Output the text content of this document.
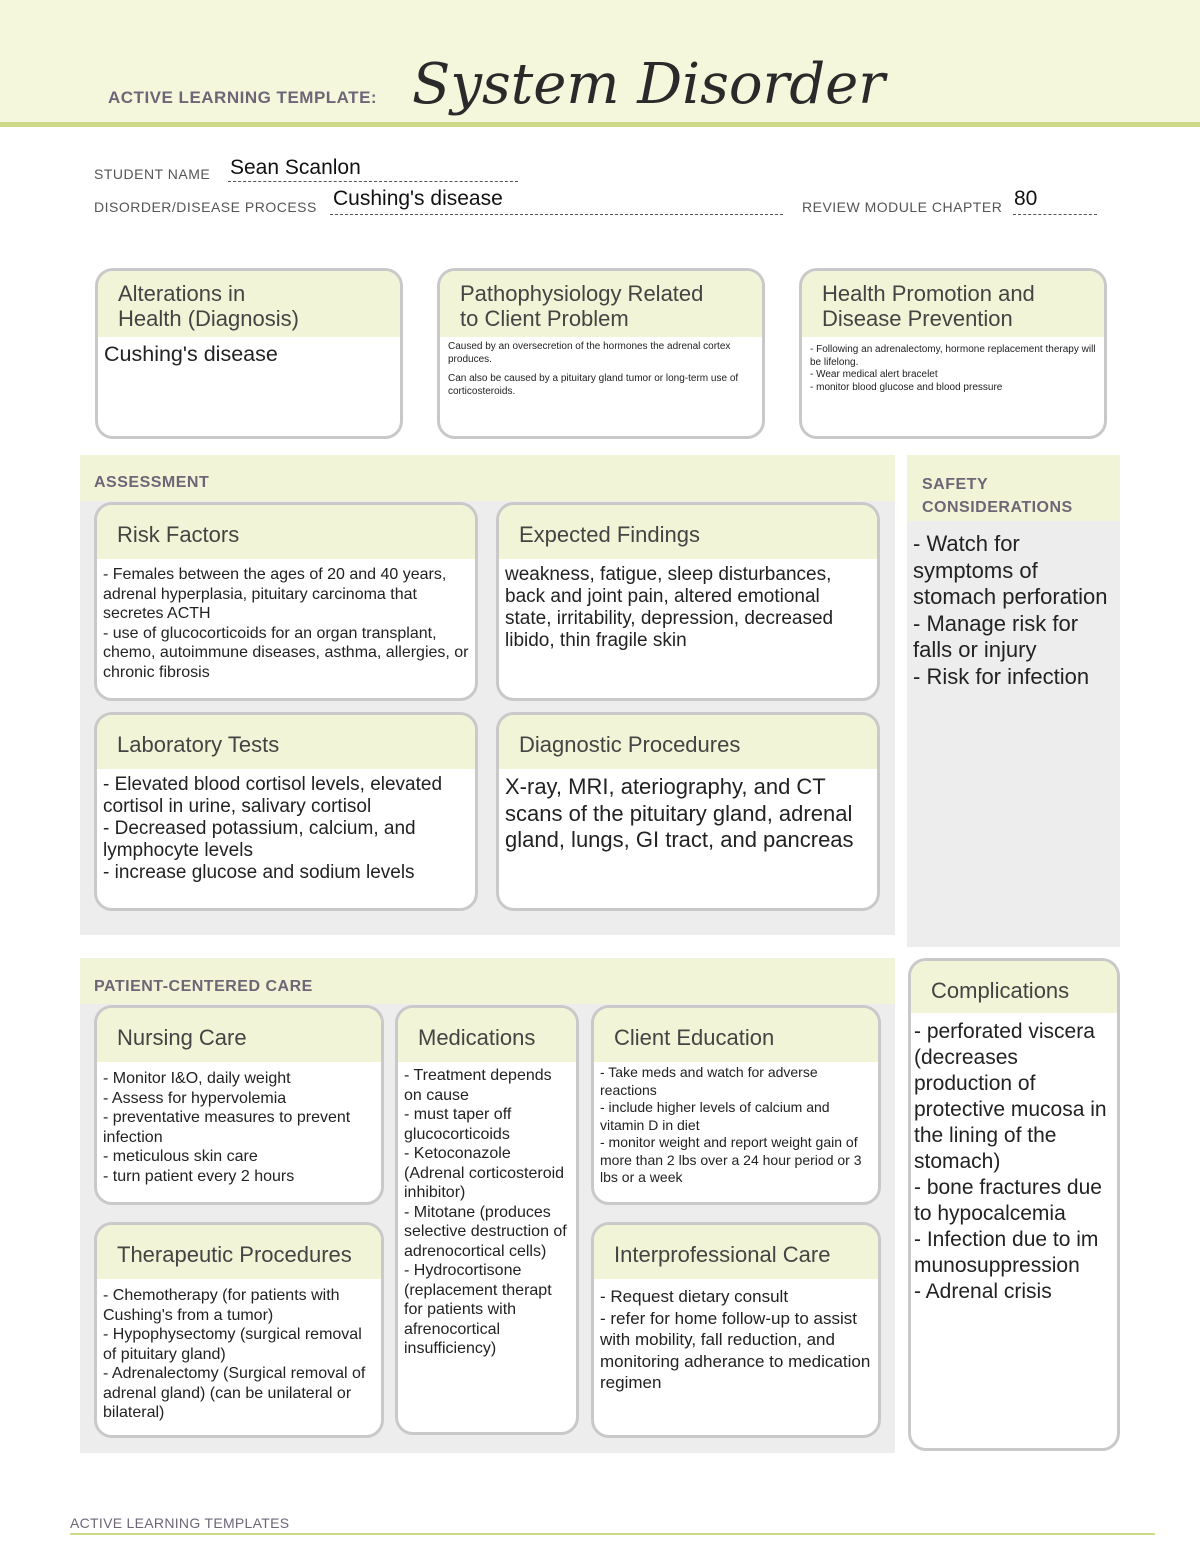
ACTIVE LEARNING TEMPLATE: System Disorder
STUDENT NAME Sean Scanlon
DISORDER/DISEASE PROCESS Cushing's disease	REVIEW MODULE CHAPTER 80
Alterations in
Health (Diagnosis)
Cushing's disease
Pathophysiology Related
to Client Problem
Caused by an oversecretion of the hormones the adrenal cortex produces.
Can also be caused by a pituitary gland tumor or long-term use of corticosteroids.
Health Promotion and
Disease Prevention
- Following an adrenalectomy, hormone replacement therapy will be lifelong.
- Wear medical alert bracelet
- monitor blood glucose and blood pressure
ASSESSMENT
Risk Factors
- Females between the ages of 20 and 40 years, adrenal hyperplasia, pituitary carcinoma that secretes ACTH
- use of glucocorticoids for an organ transplant, chemo, autoimmune diseases, asthma, allergies, or chronic fibrosis
Expected Findings
weakness, fatigue, sleep disturbances, back and joint pain, altered emotional state, irritability, depression, decreased libido, thin fragile skin
Laboratory Tests
- Elevated blood cortisol levels, elevated cortisol in urine, salivary cortisol
- Decreased potassium, calcium, and lymphocyte levels
- increase glucose and sodium levels
Diagnostic Procedures
X-ray, MRI, ateriography, and CT scans of the pituitary gland, adrenal gland, lungs, GI tract, and pancreas
SAFETY
CONSIDERATIONS
- Watch for symptoms of stomach perforation
- Manage risk for falls or injury
- Risk for infection
PATIENT-CENTERED CARE
Nursing Care
- Monitor I&O, daily weight
- Assess for hypervolemia
- preventative measures to prevent infection
- meticulous skin care
- turn patient every 2 hours
Medications
- Treatment depends on cause
- must taper off glucocorticoids
- Ketoconazole (Adrenal corticosteroid inhibitor)
- Mitotane (produces selective destruction of adrenocortical cells)
- Hydrocortisone (replacement therapt for patients with afrenocortical insufficiency)
Client Education
- Take meds and watch for adverse reactions
- include higher levels of calcium and vitamin D in diet
- monitor weight and report weight gain of more than 2 lbs over a 24 hour period or 3 lbs or a week
Therapeutic Procedures
- Chemotherapy (for patients with Cushing's from a tumor)
- Hypophysectomy (surgical removal of pituitary gland)
- Adrenalectomy (Surgical removal of adrenal gland) (can be unilateral or bilateral)
Interprofessional Care
- Request dietary consult
- refer for home follow-up to assist with mobility, fall reduction, and monitoring adherance to medication regimen
Complications
- perforated viscera (decreases production of protective mucosa in the lining of the stomach)
- bone fractures due to hypocalcemia
- Infection due to immunosuppression
- Adrenal crisis
ACTIVE LEARNING TEMPLATES
